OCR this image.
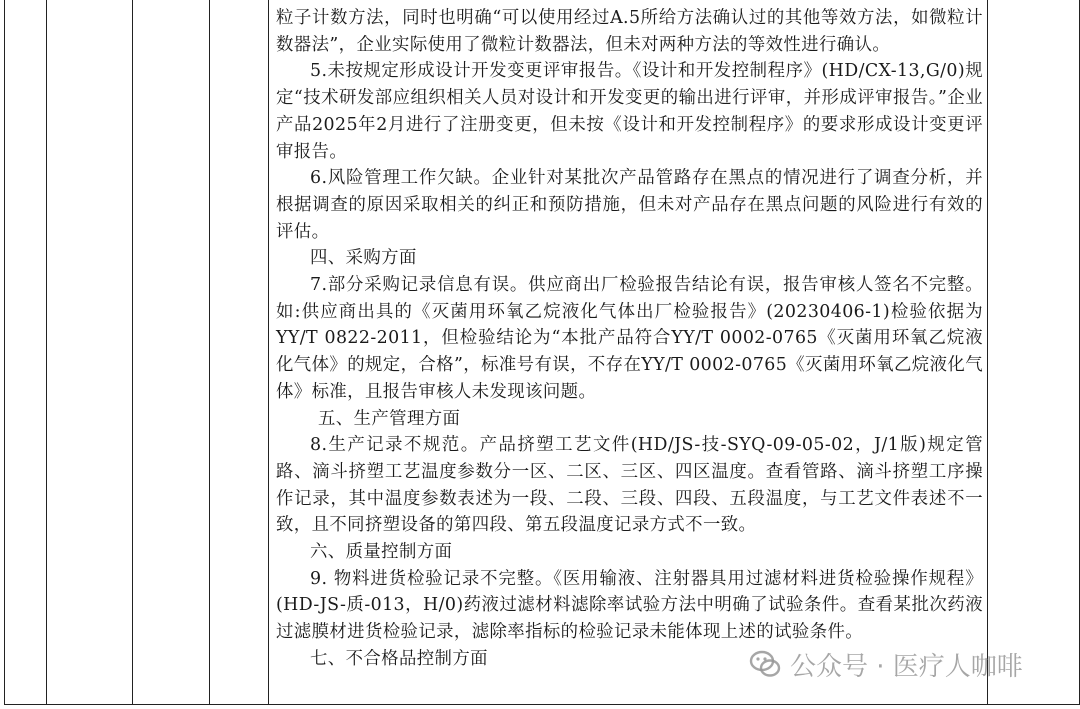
粒子计数方法，同时也明确“可以使用经过A.5所给方法确认过的其他等效方法，如微粒计数器法”，企业实际使用了微粒计数器法，但未对两种方法的等效性进行确认。

5.未按规定形成设计开发变更评审报告。《设计和开发控制程序》(HD/CX-13,G/0)规定“技术研发部应组织相关人员对设计和开发变更的输出进行评审，并形成评审报告。”企业产品2025年2月进行了注册变更，但未按《设计和开发控制程序》的要求形成设计变更评审报告。

6.风险管理工作欠缺。企业针对某批次产品管路存在黑点的情况进行了调查分析，并根据调查的原因采取相关的纠正和预防措施，但未对产品存在黑点问题的风险进行有效的评估。

四、采购方面

7.部分采购记录信息有误。供应商出厂检验报告结论有误，报告审核人签名不完整。如:供应商出具的《灭菌用环氧乙烷液化气体出厂检验报告》(20230406-1)检验依据为YY/T 0822-2011，但检验结论为“本批产品符合YY/T 0002-0765《灭菌用环氧乙烷液化气体》的规定，合格”，标准号有误，不存在YY/T 0002-0765《灭菌用环氧乙烷液化气体》标准，且报告审核人未发现该问题。

五、生产管理方面

8.生产记录不规范。产品挤塑工艺文件(HD/JS-技-SYQ-09-05-02，J/1版)规定管路、滴斗挤塑工艺温度参数分一区、二区、三区、四区温度。查看管路、滴斗挤塑工序操作记录，其中温度参数表述为一段、二段、三段、四段、五段温度，与工艺文件表述不一致，且不同挤塑设备的第四段、第五段温度记录方式不一致。

六、质量控制方面

9. 物料进货检验记录不完整。《医用输液、注射器具用过滤材料进货检验操作规程》(HD-JS-质-013，H/0)药液过滤材料滤除率试验方法中明确了试验条件。查看某批次药液过滤膜材进货检验记录，滤除率指标的检验记录未能体现上述的试验条件。

七、不合格品控制方面	公众号 · 医疗人咖啡
